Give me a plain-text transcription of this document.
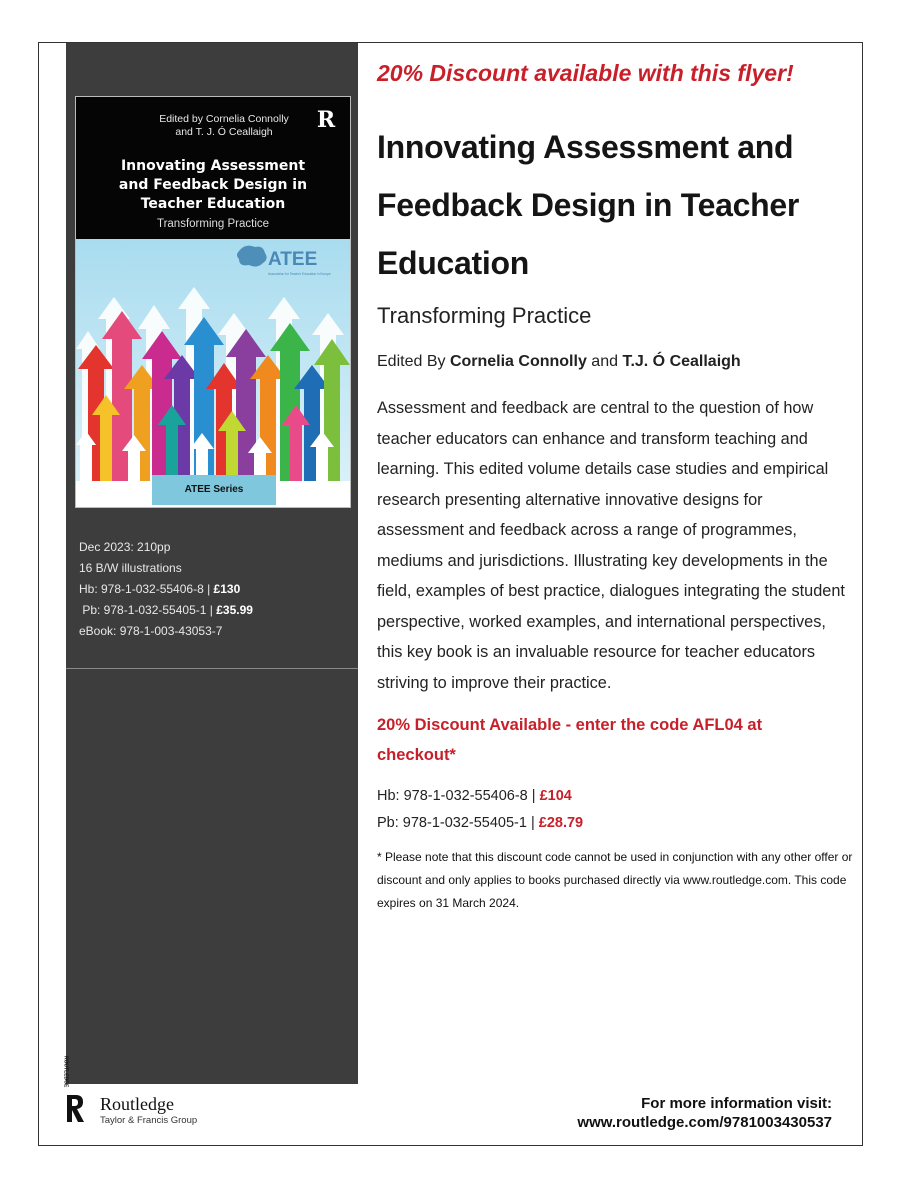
Edited by Cornelia Connolly
and T. J. Ó Ceallaigh	R
Innovating Assessment
and Feedback Design in
Teacher Education
Transforming Practice
ATEE
Association for Teacher Education in Europe
ATEE Series
Dec 2023: 210pp
16 B/W illustrations
Hb: 978-1-032-55406-8 | £130
Pb: 978-1-032-55405-1 | £35.99
eBook: 978-1-003-43053-7
20% Discount available with this flyer!
Innovating Assessment and Feedback Design in Teacher Education
Transforming Practice
Edited By Cornelia Connolly and T.J. Ó Ceallaigh
Assessment and feedback are central to the question of how teacher educators can enhance and transform teaching and learning. This edited volume details case studies and empirical research presenting alternative innovative designs for assessment and feedback across a range of programmes, mediums and jurisdictions. Illustrating key developments in the field, examples of best practice, dialogues integrating the student perspective, worked examples, and international perspectives, this key book is an invaluable resource for teacher educators striving to improve their practice.
20% Discount Available - enter the code AFL04 at checkout*
Hb: 978-1-032-55406-8 | £104
Pb: 978-1-032-55405-1 | £28.79
* Please note that this discount code cannot be used in conjunction with any other offer or discount and only applies to books purchased directly via www.routledge.com. This code expires on 31 March 2024.
ROUTLEDGE
Routledge
Taylor & Francis Group
For more information visit:
www.routledge.com/9781003430537
